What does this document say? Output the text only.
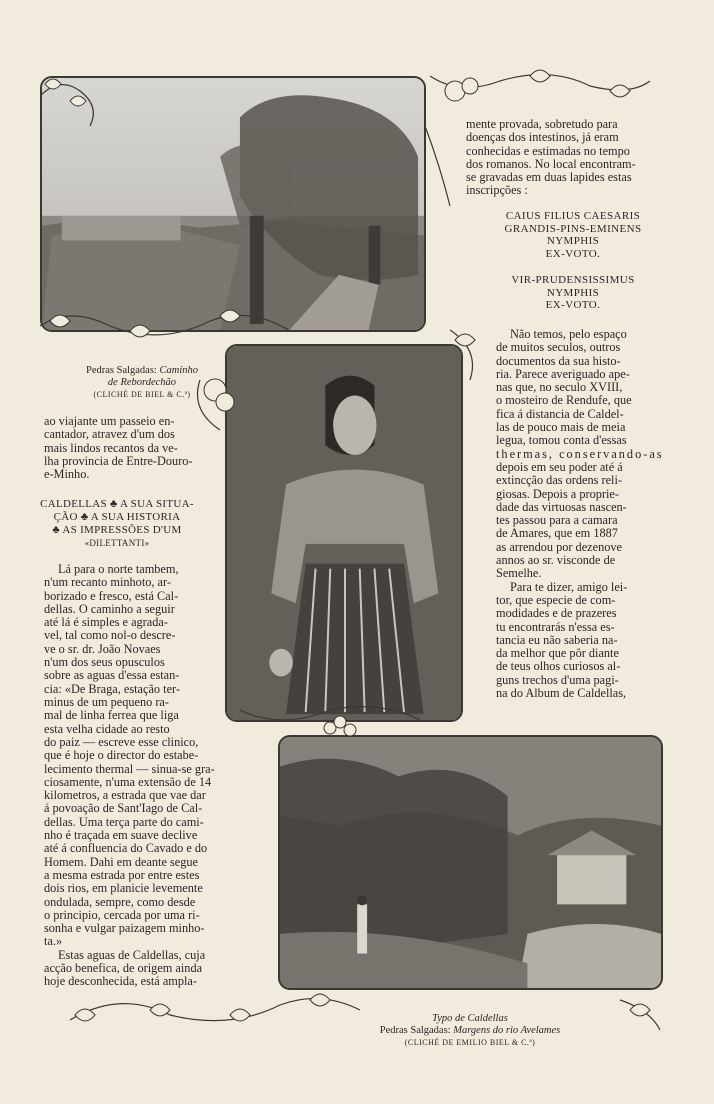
Pedras Salgadas: Caminho
de Rebordechão
(CLICHÉ DE BIEL & C.ª)
Typo de Caldellas
Pedras Salgadas: Margens do rio Avelames
(CLICHÉ DE EMILIO BIEL & C.ª)
ao viajante um passeio en-
cantador, atravez d'um dos
mais lindos recantos da ve-
lha provincia de Entre-Douro-
e-Minho.
CALDELLAS ♣ A SUA SITUA-
ÇÃO ♣ A SUA HISTORIA
♣ AS IMPRESSÕES D'UM
«DILETTANTI»
Lá para o norte tambem,
n'um recanto minhoto, ar-
borizado e fresco, está Cal-
dellas. O caminho a seguir
até lá é simples e agrada-
vel, tal como nol-o descre-
ve o sr. dr. João Novaes
n'um dos seus opusculos
sobre as aguas d'essa estan-
cia: «De Braga, estação ter-
minus de um pequeno ra-
mal de linha ferrea que liga
esta velha cidade ao resto
do paiz — escreve esse clinico,
que é hoje o director do estabe-
lecimento thermal — sinua-se gra-
ciosamente, n'uma extensão de 14
kilometros, a estrada que vae dar
á povoação de Sant'Iago de Cal-
dellas. Uma terça parte do cami-
nho é traçada em suave declive
até á confluencia do Cavado e do
Homem. Dahi em deante segue
a mesma estrada por entre estes
dois rios, em planicie levemente
ondulada, sempre, como desde
o principio, cercada por uma ri-
sonha e vulgar paizagem minho-
ta.»
Estas aguas de Caldellas, cuja
acção benefica, de origem ainda
hoje desconhecida, está ampla-
mente provada, sobretudo para
doenças dos intestinos, já eram
conhecidas e estimadas no tempo
dos romanos. No local encontram-
se gravadas em duas lapides estas
inscripções :
CAIUS FILIUS CAESARIS
GRANDIS-PINS-EMINENS
NYMPHIS
EX-VOTO.
VIR-PRUDENSISSIMUS
NYMPHIS
EX-VOTO.
Não temos, pelo espaço
de muitos seculos, outros
documentos da sua histo-
ria. Parece averiguado ape-
nas que, no seculo XVIII,
o mosteiro de Rendufe, que
fica á distancia de Caldel-
las de pouco mais de meia
legua, tomou conta d'essas
thermas, conservando-as
depois em seu poder até á
extincção das ordens reli-
giosas. Depois a proprie-
dade das virtuosas nascen-
tes passou para a camara
de Amares, que em 1887
as arrendou por dezenove
annos ao sr. visconde de
Semelhe.
Para te dizer, amigo lei-
tor, que especie de com-
modidades e de prazeres
tu encontrarás n'essa es-
tancia eu não saberia na-
da melhor que pôr diante
de teus olhos curiosos al-
guns trechos d'uma pagi-
na do Album de Caldellas,
